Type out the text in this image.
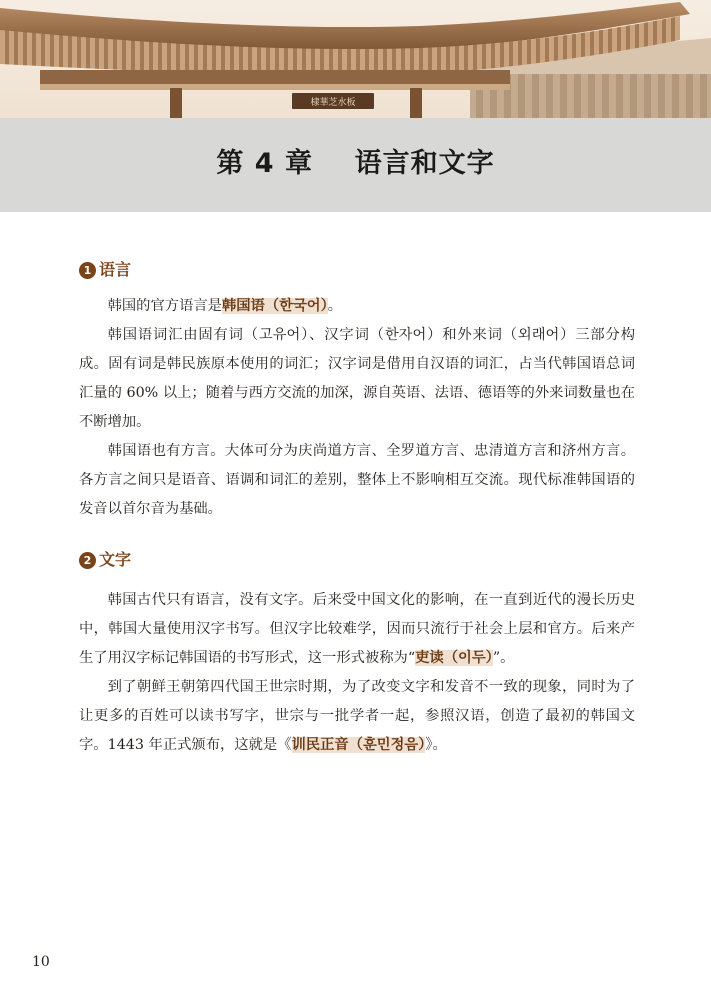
棣華芝水板
第 4 章    语言和文字
1 语言

韩国的官方语言是韩国语（한국어）。

韩国语词汇由固有词（고유어）、汉字词（한자어）和外来词（외래어）三部分构成。固有词是韩民族原本使用的词汇；汉字词是借用自汉语的词汇，占当代韩国语总词汇量的 60% 以上；随着与西方交流的加深，源自英语、法语、德语等的外来词数量也在不断增加。

韩国语也有方言。大体可分为庆尚道方言、全罗道方言、忠清道方言和济州方言。各方言之间只是语音、语调和词汇的差别，整体上不影响相互交流。现代标准韩国语的发音以首尔音为基础。

2 文字

韩国古代只有语言，没有文字。后来受中国文化的影响，在一直到近代的漫长历史中，韩国大量使用汉字书写。但汉字比较难学，因而只流行于社会上层和官方。后来产生了用汉字标记韩国语的书写形式，这一形式被称为“吏读（이두）”。

到了朝鲜王朝第四代国王世宗时期，为了改变文字和发音不一致的现象，同时为了让更多的百姓可以读书写字，世宗与一批学者一起，参照汉语，创造了最初的韩国文字。1443 年正式颁布，这就是《训民正音（훈민정음）》。

10
